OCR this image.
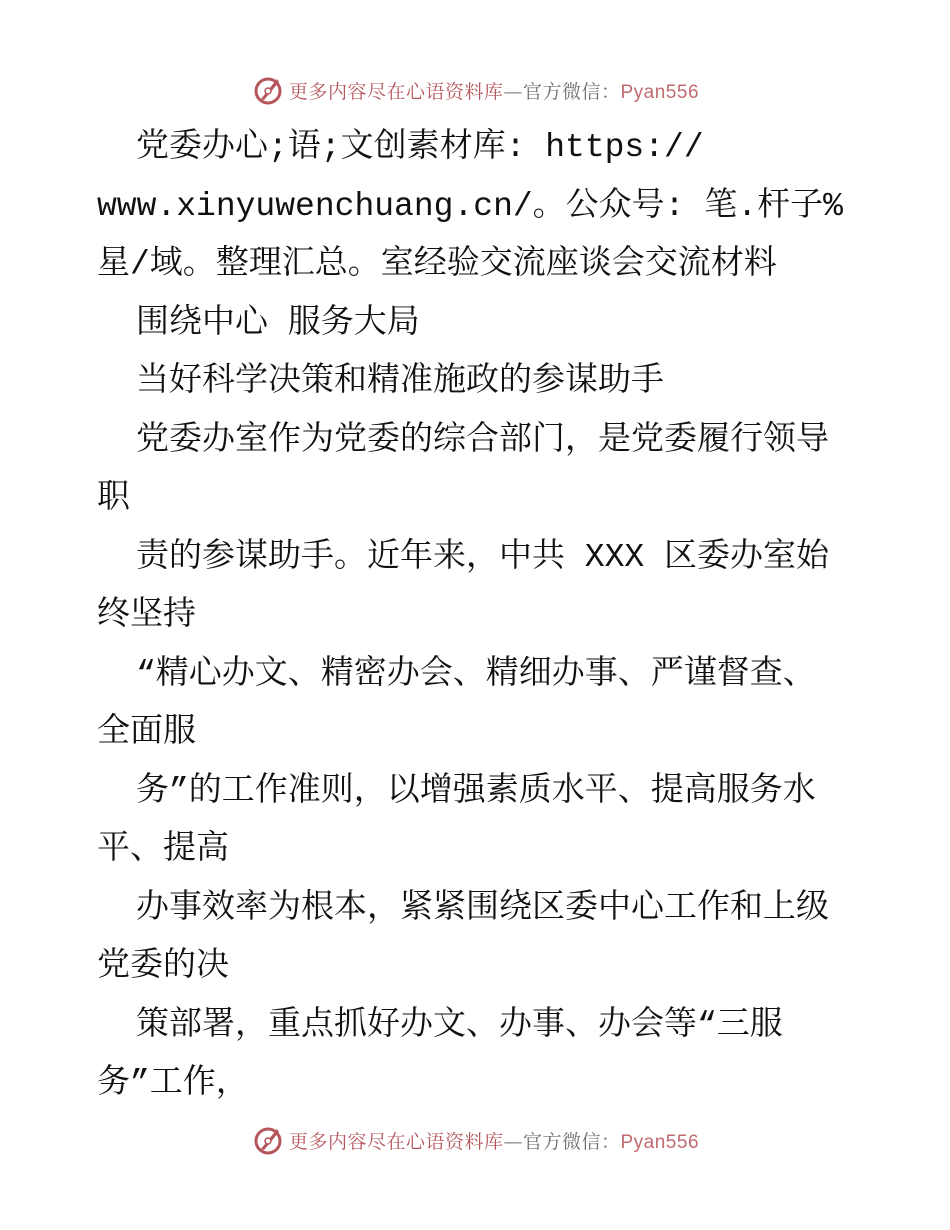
更多内容尽在心语资料库—官方微信：Pyan556
党委办心;语;文创素材库: https://
www.xinyuwenchuang.cn/。公众号: 笔.杆子%
星/域。整理汇总。室经验交流座谈会交流材料
围绕中心 服务大局
当好科学决策和精准施政的参谋助手
党委办室作为党委的综合部门，是党委履行领导
职
责的参谋助手。近年来，中共 XXX 区委办室始
终坚持
“精心办文、精密办会、精细办事、严谨督查、
全面服
务”的工作准则，以增强素质水平、提高服务水
平、提高
办事效率为根本，紧紧围绕区委中心工作和上级
党委的决
策部署，重点抓好办文、办事、办会等“三服
务”工作，
更多内容尽在心语资料库—官方微信：Pyan556
